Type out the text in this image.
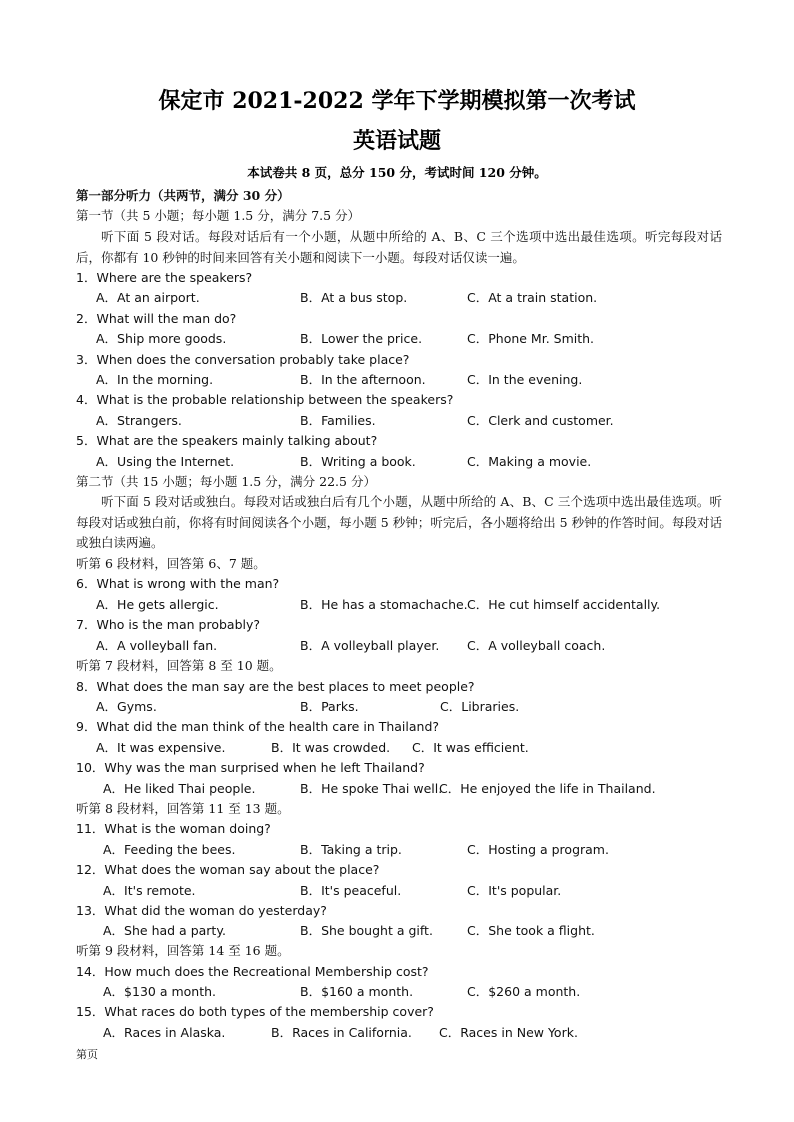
保定市 2021-2022 学年下学期模拟第一次考试
英语试题
本试卷共 8 页，总分 150 分，考试时间 120 分钟。
第一部分听力（共两节，满分 30 分）
第一节（共 5 小题；每小题 1.5 分，满分 7.5 分）
听下面 5 段对话。每段对话后有一个小题，从题中所给的 A、B、C 三个选项中选出最佳选项。听完每段对话后，你都有 10 秒钟的时间来回答有关小题和阅读下一小题。每段对话仅读一遍。
1．Where are the speakers?
A．At an airport.	B．At a bus stop.	C．At a train station.
2．What will the man do?
A．Ship more goods.	B．Lower the price.	C．Phone Mr. Smith.
3．When does the conversation probably take place?
A．In the morning.	B．In the afternoon.	C．In the evening.
4．What is the probable relationship between the speakers?
A．Strangers.	B．Families.	C．Clerk and customer.
5．What are the speakers mainly talking about?
A．Using the Internet.	B．Writing a book.	C．Making a movie.
第二节（共 15 小题；每小题 1.5 分，满分 22.5 分）
听下面 5 段对话或独白。每段对话或独白后有几个小题，从题中所给的 A、B、C 三个选项中选出最佳选项。听每段对话或独白前，你将有时间阅读各个小题，每小题 5 秒钟；听完后，各小题将给出 5 秒钟的作答时间。每段对话或独白读两遍。
听第 6 段材料，回答第 6、7 题。
6．What is wrong with the man?
A．He gets allergic.	B．He has a stomachache. C．He cut himself accidentally.
7．Who is the man probably?
A．A volleyball fan.	B．A volleyball player. C．A volleyball coach.
听第 7 段材料，回答第 8 至 10 题。
8．What does the man say are the best places to meet people?
A．Gyms.	B．Parks.	C．Libraries.
9．What did the man think of the health care in Thailand?
A．It was expensive.	B．It was crowded. C．It was efficient.
10．Why was the man surprised when he left Thailand?
A．He liked Thai people.	B．He spoke Thai well.
C．He enjoyed the life in Thailand.
听第 8 段材料，回答第 11 至 13 题。
11．What is the woman doing?
A．Feeding the bees.	B．Taking a trip.	C．Hosting a program.
12．What does the woman say about the place?
A．It's remote.	B．It's peaceful.	C．It's popular.
13．What did the woman do yesterday?
A．She had a party.	B．She bought a gift.	C．She took a flight.
听第 9 段材料，回答第 14 至 16 题。
14．How much does the Recreational Membership cost?
A．$130 a month.	B．$160 a month.	C．$260 a month.
15．What races do both types of the membership cover?
A．Races in Alaska.	B．Races in California. C．Races in New York.
第页
